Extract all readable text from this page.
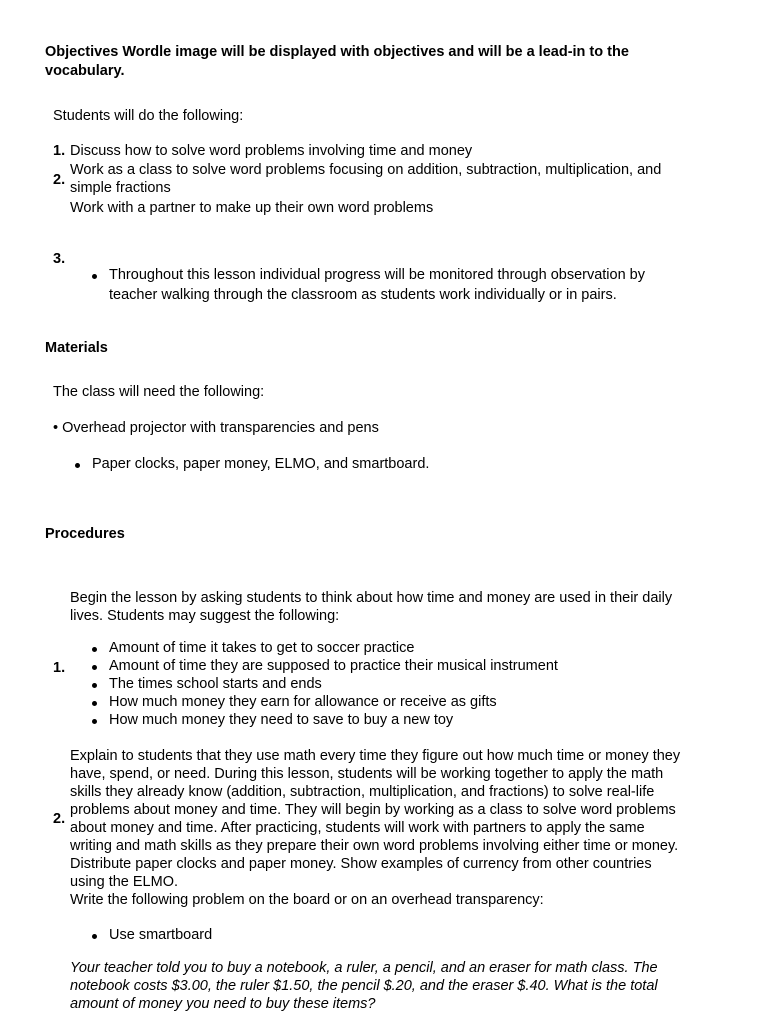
Objectives Wordle image will be displayed with objectives and will be a lead-in to the
vocabulary.
Students will do the following:
1. Discuss how to solve word problems involving time and money
2.
Work as a class to solve word problems focusing on addition, subtraction, multiplication, and
simple fractions
Work with a partner to make up their own word problems
3.
Throughout this lesson individual progress will be monitored through observation by
teacher walking through the classroom as students work individually or in pairs.
Materials
The class will need the following:
• Overhead projector with transparencies and pens
Paper clocks, paper money, ELMO, and smartboard.
Procedures
Begin the lesson by asking students to think about how time and money are used in their daily
lives. Students may suggest the following:
1.
Amount of time it takes to get to soccer practice
Amount of time they are supposed to practice their musical instrument
The times school starts and ends
How much money they earn for allowance or receive as gifts
How much money they need to save to buy a new toy
2.
Explain to students that they use math every time they figure out how much time or money they
have, spend, or need. During this lesson, students will be working together to apply the math
skills they already know (addition, subtraction, multiplication, and fractions) to solve real-life
problems about money and time. They will begin by working as a class to solve word problems
about money and time. After practicing, students will work with partners to apply the same
writing and math skills as they prepare their own word problems involving either time or money.
Distribute paper clocks and paper money. Show examples of currency from other countries
using the ELMO.
Write the following problem on the board or on an overhead transparency:
Use smartboard
Your teacher told you to buy a notebook, a ruler, a pencil, and an eraser for math class. The
notebook costs $3.00, the ruler $1.50, the pencil $.20, and the eraser $.40. What is the total
amount of money you need to buy these items?
